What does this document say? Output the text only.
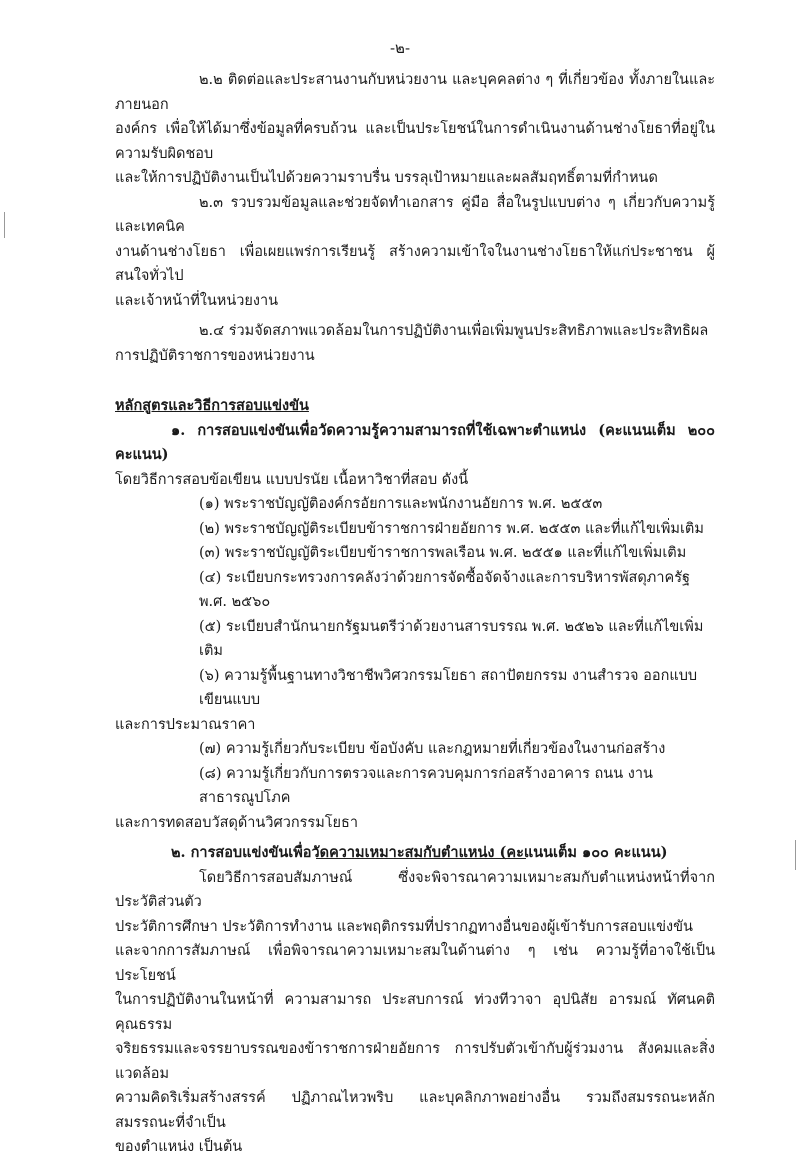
-๒-

๒.๒ ติดต่อและประสานงานกับหน่วยงาน และบุคคลต่าง ๆ ที่เกี่ยวข้อง ทั้งภายในและภายนอก

องค์กร เพื่อให้ได้มาซึ่งข้อมูลที่ครบถ้วน และเป็นประโยชน์ในการดำเนินงานด้านช่างโยธาที่อยู่ในความรับผิดชอบ

และให้การปฏิบัติงานเป็นไปด้วยความราบรื่น บรรลุเป้าหมายและผลสัมฤทธิ์ตามที่กำหนด

๒.๓ รวบรวมข้อมูลและช่วยจัดทำเอกสาร คู่มือ สื่อในรูปแบบต่าง ๆ เกี่ยวกับความรู้และเทคนิค

งานด้านช่างโยธา เพื่อเผยแพร่การเรียนรู้ สร้างความเข้าใจในงานช่างโยธาให้แก่ประชาชน ผู้สนใจทั่วไป

และเจ้าหน้าที่ในหน่วยงาน

๒.๔ ร่วมจัดสภาพแวดล้อมในการปฏิบัติงานเพื่อเพิ่มพูนประสิทธิภาพและประสิทธิผล

การปฏิบัติราชการของหน่วยงาน

หลักสูตรและวิธีการสอบแข่งขัน

๑. การสอบแข่งขันเพื่อวัดความรู้ความสามารถที่ใช้เฉพาะตำแหน่ง (คะแนนเต็ม ๒๐๐ คะแนน)

โดยวิธีการสอบข้อเขียน แบบปรนัย เนื้อหาวิชาที่สอบ ดังนี้

(๑) พระราชบัญญัติองค์กรอัยการและพนักงานอัยการ พ.ศ. ๒๕๕๓

(๒) พระราชบัญญัติระเบียบข้าราชการฝ่ายอัยการ พ.ศ. ๒๕๕๓ และที่แก้ไขเพิ่มเติม

(๓) พระราชบัญญัติระเบียบข้าราชการพลเรือน พ.ศ. ๒๕๕๑ และที่แก้ไขเพิ่มเติม

(๔) ระเบียบกระทรวงการคลังว่าด้วยการจัดซื้อจัดจ้างและการบริหารพัสดุภาครัฐ พ.ศ. ๒๕๖๐

(๕) ระเบียบสำนักนายกรัฐมนตรีว่าด้วยงานสารบรรณ พ.ศ. ๒๕๒๖ และที่แก้ไขเพิ่มเติม

(๖) ความรู้พื้นฐานทางวิชาชีพวิศวกรรมโยธา สถาปัตยกรรม งานสำรวจ ออกแบบ เขียนแบบ

และการประมาณราคา

(๗) ความรู้เกี่ยวกับระเบียบ ข้อบังคับ และกฎหมายที่เกี่ยวข้องในงานก่อสร้าง

(๘) ความรู้เกี่ยวกับการตรวจและการควบคุมการก่อสร้างอาคาร ถนน งานสาธารณูปโภค

และการทดสอบวัสดุด้านวิศวกรรมโยธา

๒. การสอบแข่งขันเพื่อวัดความเหมาะสมกับตำแหน่ง (คะแนนเต็ม ๑๐๐ คะแนน)

โดยวิธีการสอบสัมภาษณ์ ซึ่งจะพิจารณาความเหมาะสมกับตำแหน่งหน้าที่จากประวัติส่วนตัว

ประวัติการศึกษา ประวัติการทำงาน และพฤติกรรมที่ปรากฏทางอื่นของผู้เข้ารับการสอบแข่งขัน

และจากการสัมภาษณ์ เพื่อพิจารณาความเหมาะสมในด้านต่าง ๆ เช่น ความรู้ที่อาจใช้เป็นประโยชน์

ในการปฏิบัติงานในหน้าที่ ความสามารถ ประสบการณ์ ท่วงทีวาจา อุปนิสัย อารมณ์ ทัศนคติ คุณธรรม

จริยธรรมและจรรยาบรรณของข้าราชการฝ่ายอัยการ การปรับตัวเข้ากับผู้ร่วมงาน สังคมและสิ่งแวดล้อม

ความคิดริเริ่มสร้างสรรค์ ปฏิภาณไหวพริบ และบุคลิกภาพอย่างอื่น รวมถึงสมรรถนะหลัก สมรรถนะที่จำเป็น

ของตำแหน่ง เป็นต้น
